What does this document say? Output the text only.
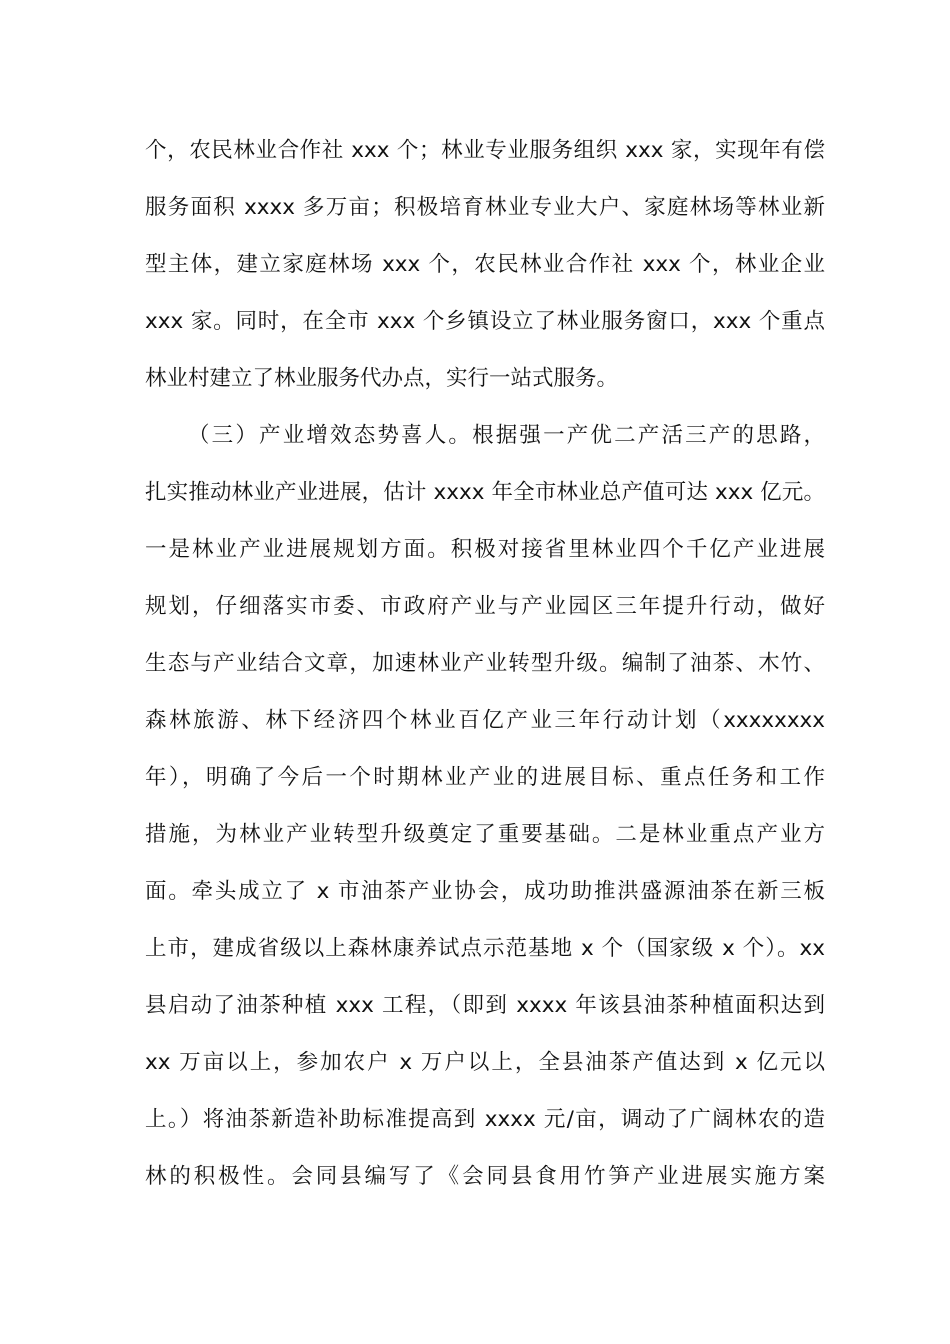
个，农民林业合作社 xxx 个；林业专业服务组织 xxx 家，实现年有偿
服务面积 xxxx 多万亩；积极培育林业专业大户、家庭林场等林业新
型主体，建立家庭林场 xxx 个，农民林业合作社 xxx 个，林业企业
xxx 家。同时，在全市 xxx 个乡镇设立了林业服务窗口，xxx 个重点
林业村建立了林业服务代办点，实行一站式服务。
（三）产业增效态势喜人。根据强一产优二产活三产的思路，
扎实推动林业产业进展，估计 xxxx 年全市林业总产值可达 xxx 亿元。
一是林业产业进展规划方面。积极对接省里林业四个千亿产业进展
规划，仔细落实市委、市政府产业与产业园区三年提升行动，做好
生态与产业结合文章，加速林业产业转型升级。编制了油茶、木竹、
森林旅游、林下经济四个林业百亿产业三年行动计划（xxxxxxxx
年），明确了今后一个时期林业产业的进展目标、重点任务和工作
措施，为林业产业转型升级奠定了重要基础。二是林业重点产业方
面。牵头成立了 x 市油茶产业协会，成功助推洪盛源油茶在新三板
上市，建成省级以上森林康养试点示范基地 x 个（国家级 x 个）。xx
县启动了油茶种植 xxx 工程，（即到 xxxx 年该县油茶种植面积达到
xx 万亩以上，参加农户 x 万户以上，全县油茶产值达到 x 亿元以
上。）将油茶新造补助标准提高到 xxxx 元/亩，调动了广阔林农的造
林的积极性。会同县编写了《会同县食用竹笋产业进展实施方案
